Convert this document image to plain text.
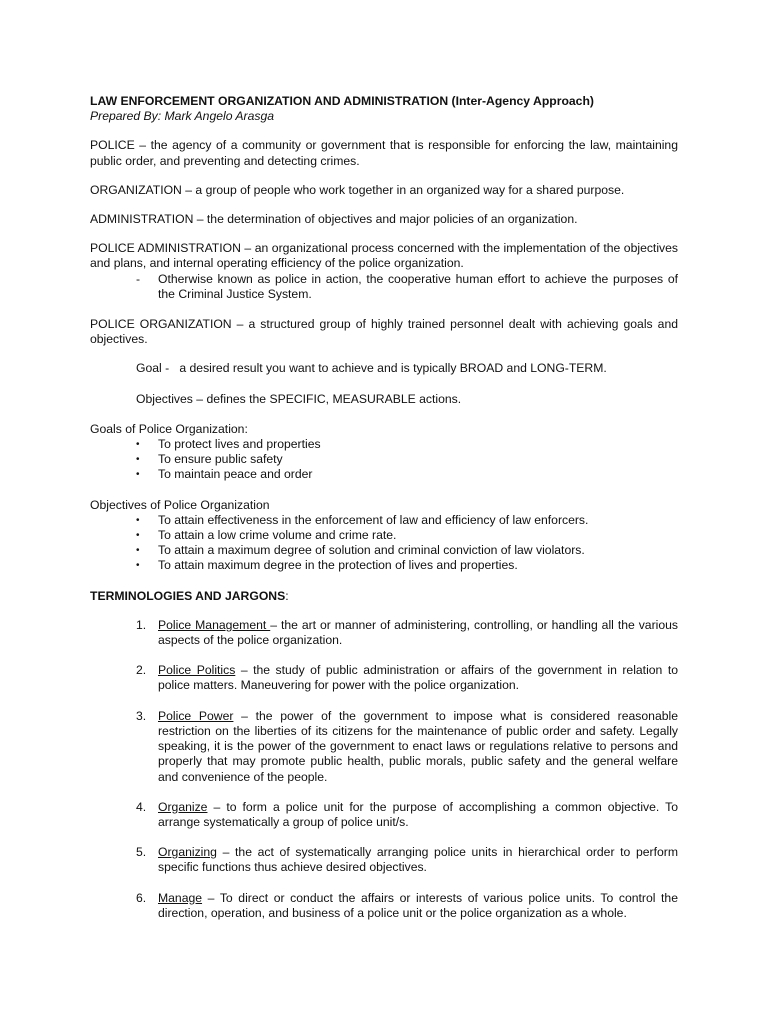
LAW ENFORCEMENT ORGANIZATION AND ADMINISTRATION (Inter-Agency Approach)

Prepared By: Mark Angelo Arasga

POLICE – the agency of a community or government that is responsible for enforcing the law, maintaining public order, and preventing and detecting crimes.

ORGANIZATION – a group of people who work together in an organized way for a shared purpose.

ADMINISTRATION – the determination of objectives and major policies of an organization.

POLICE ADMINISTRATION – an organizational process concerned with the implementation of the objectives and plans, and internal operating efficiency of the police organization.

- Otherwise known as police in action, the cooperative human effort to achieve the purposes of the Criminal Justice System.

POLICE ORGANIZATION – a structured group of highly trained personnel dealt with achieving goals and objectives.

Goal -   a desired result you want to achieve and is typically BROAD and LONG-TERM.

Objectives – defines the SPECIFIC, MEASURABLE actions.

Goals of Police Organization:

• To protect lives and properties
• To ensure public safety
• To maintain peace and order

Objectives of Police Organization

• To attain effectiveness in the enforcement of law and efficiency of law enforcers.
• To attain a low crime volume and crime rate.
• To attain a maximum degree of solution and criminal conviction of law violators.
• To attain maximum degree in the protection of lives and properties.

TERMINOLOGIES AND JARGONS:

1. Police Management – the art or manner of administering, controlling, or handling all the various aspects of the police organization.
2. Police Politics – the study of public administration or affairs of the government in relation to police matters. Maneuvering for power with the police organization.
3. Police Power – the power of the government to impose what is considered reasonable restriction on the liberties of its citizens for the maintenance of public order and safety. Legally speaking, it is the power of the government to enact laws or regulations relative to persons and properly that may promote public health, public morals, public safety and the general welfare and convenience of the people.
4. Organize – to form a police unit for the purpose of accomplishing a common objective. To arrange systematically a group of police unit/s.
5. Organizing – the act of systematically arranging police units in hierarchical order to perform specific functions thus achieve desired objectives.
6. Manage – To direct or conduct the affairs or interests of various police units. To control the direction, operation, and business of a police unit or the police organization as a whole.
